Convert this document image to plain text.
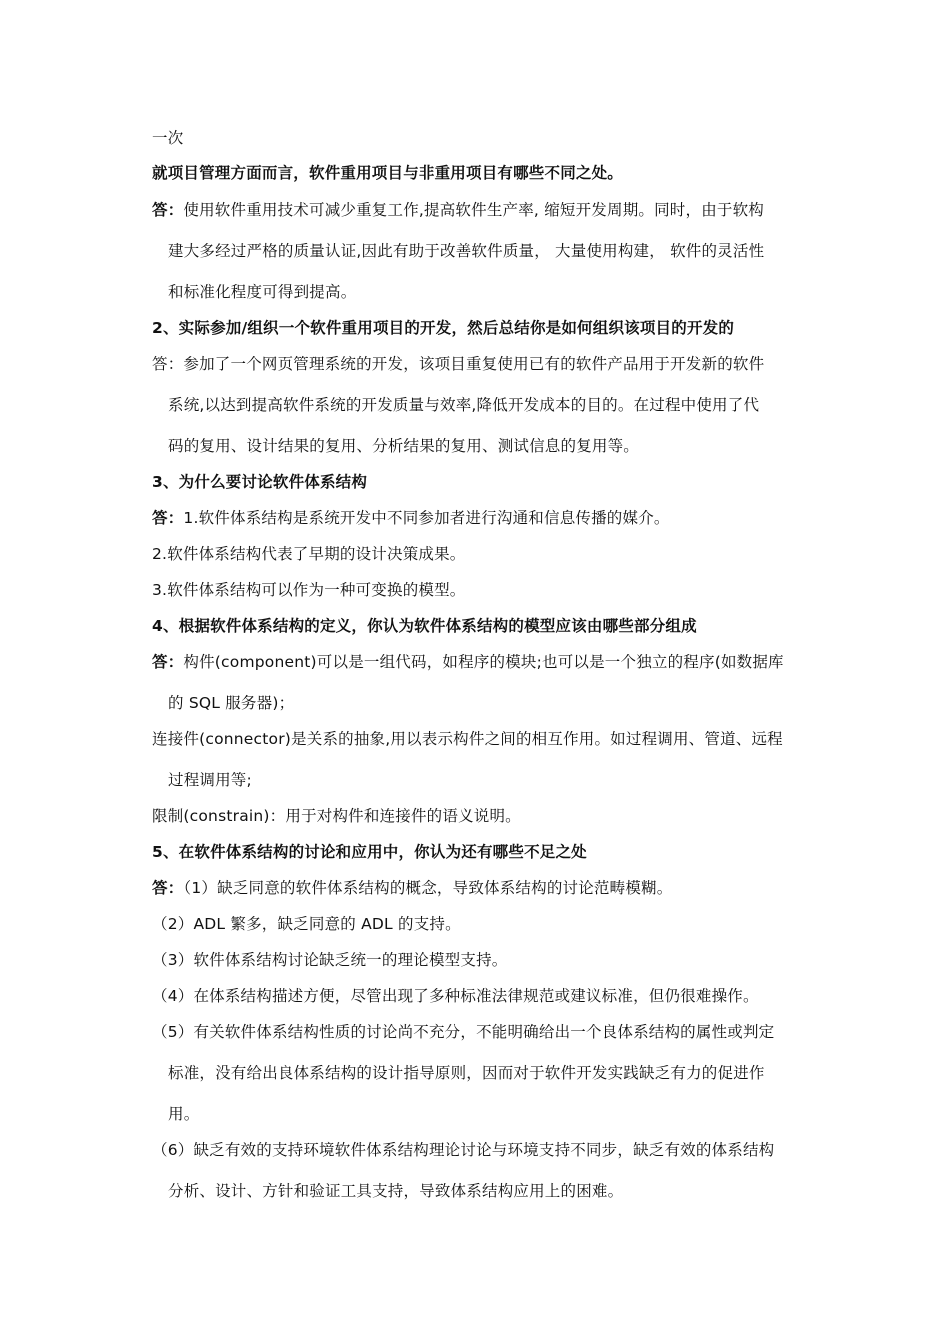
一次
就项目管理方面而言，软件重用项目与非重用项目有哪些不同之处。
答：使用软件重用技术可减少重复工作,提高软件生产率, 缩短开发周期。同时，由于软构
建大多经过严格的质量认证,因此有助于改善软件质量， 大量使用构建， 软件的灵活性
和标准化程度可得到提高。
2、实际参加/组织一个软件重用项目的开发，然后总结你是如何组织该项目的开发的
答：参加了一个网页管理系统的开发，该项目重复使用已有的软件产品用于开发新的软件
系统,以达到提高软件系统的开发质量与效率,降低开发成本的目的。在过程中使用了代
码的复用、设计结果的复用、分析结果的复用、测试信息的复用等。
3、为什么要讨论软件体系结构
答：1.软件体系结构是系统开发中不同参加者进行沟通和信息传播的媒介。
2.软件体系结构代表了早期的设计决策成果。
3.软件体系结构可以作为一种可变换的模型。
4、根据软件体系结构的定义，你认为软件体系结构的模型应该由哪些部分组成
答：构件(component)可以是一组代码，如程序的模块;也可以是一个独立的程序(如数据库
的 SQL 服务器)；
连接件(connector)是关系的抽象,用以表示构件之间的相互作用。如过程调用、管道、远程
过程调用等;
限制(constrain)：用于对构件和连接件的语义说明。
5、在软件体系结构的讨论和应用中，你认为还有哪些不足之处
答：（1）缺乏同意的软件体系结构的概念，导致体系结构的讨论范畴模糊。
（2）ADL 繁多，缺乏同意的 ADL 的支持。
（3）软件体系结构讨论缺乏统一的理论模型支持。
（4）在体系结构描述方便，尽管出现了多种标准法律规范或建议标准，但仍很难操作。
（5）有关软件体系结构性质的讨论尚不充分，不能明确给出一个良体系结构的属性或判定
标准，没有给出良体系结构的设计指导原则，因而对于软件开发实践缺乏有力的促进作
用。
（6）缺乏有效的支持环境软件体系结构理论讨论与环境支持不同步，缺乏有效的体系结构
分析、设计、方针和验证工具支持，导致体系结构应用上的困难。
